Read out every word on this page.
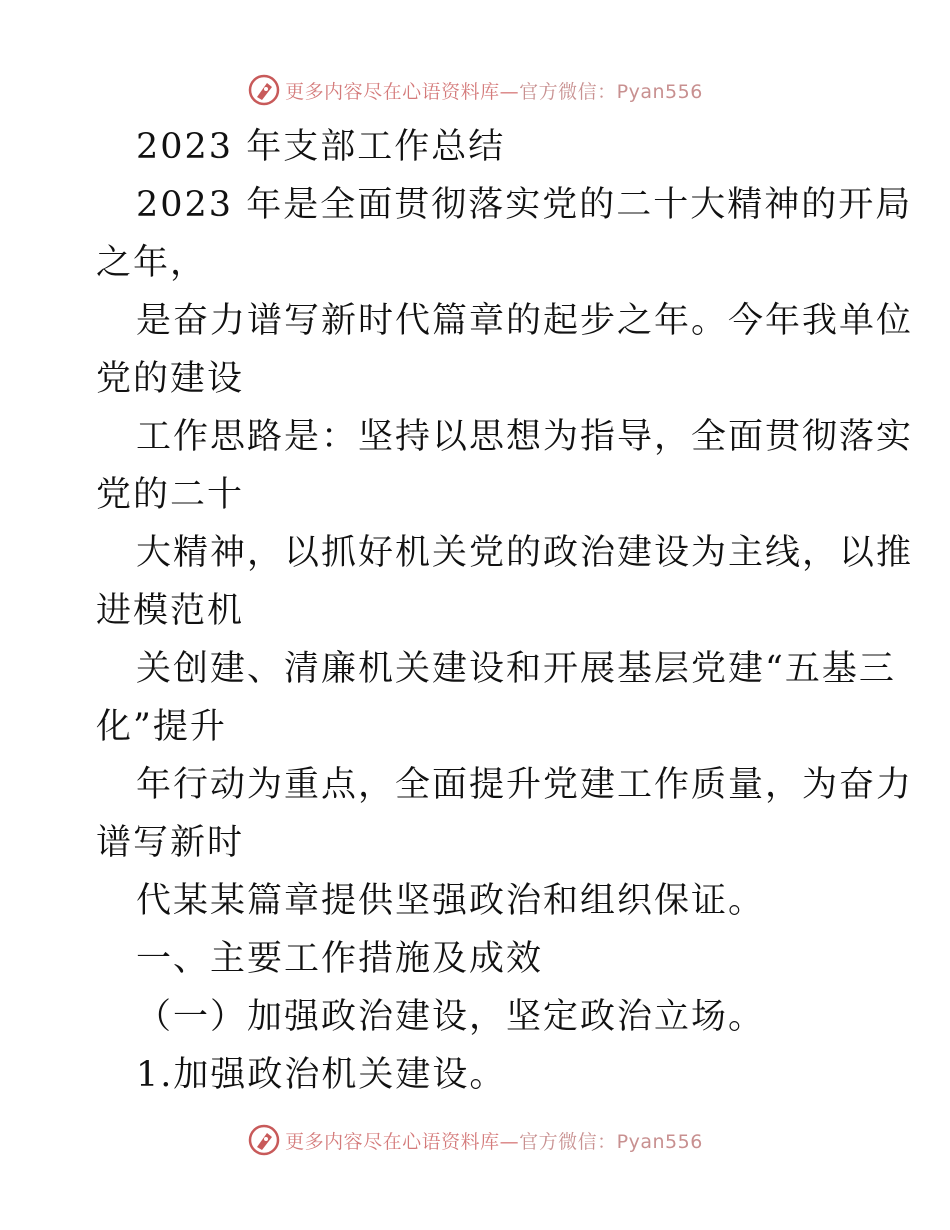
更多内容尽在心语资料库—官方微信：Pyan556
2023 年支部工作总结
2023 年是全面贯彻落实党的二十大精神的开局
之年，
是奋力谱写新时代篇章的起步之年。今年我单位
党的建设
工作思路是：坚持以思想为指导，全面贯彻落实
党的二十
大精神，以抓好机关党的政治建设为主线，以推
进模范机
关创建、清廉机关建设和开展基层党建“五基三
化”提升
年行动为重点，全面提升党建工作质量，为奋力
谱写新时
代某某篇章提供坚强政治和组织保证。
一、主要工作措施及成效
（一）加强政治建设，坚定政治立场。
1.加强政治机关建设。
更多内容尽在心语资料库—官方微信：Pyan556
